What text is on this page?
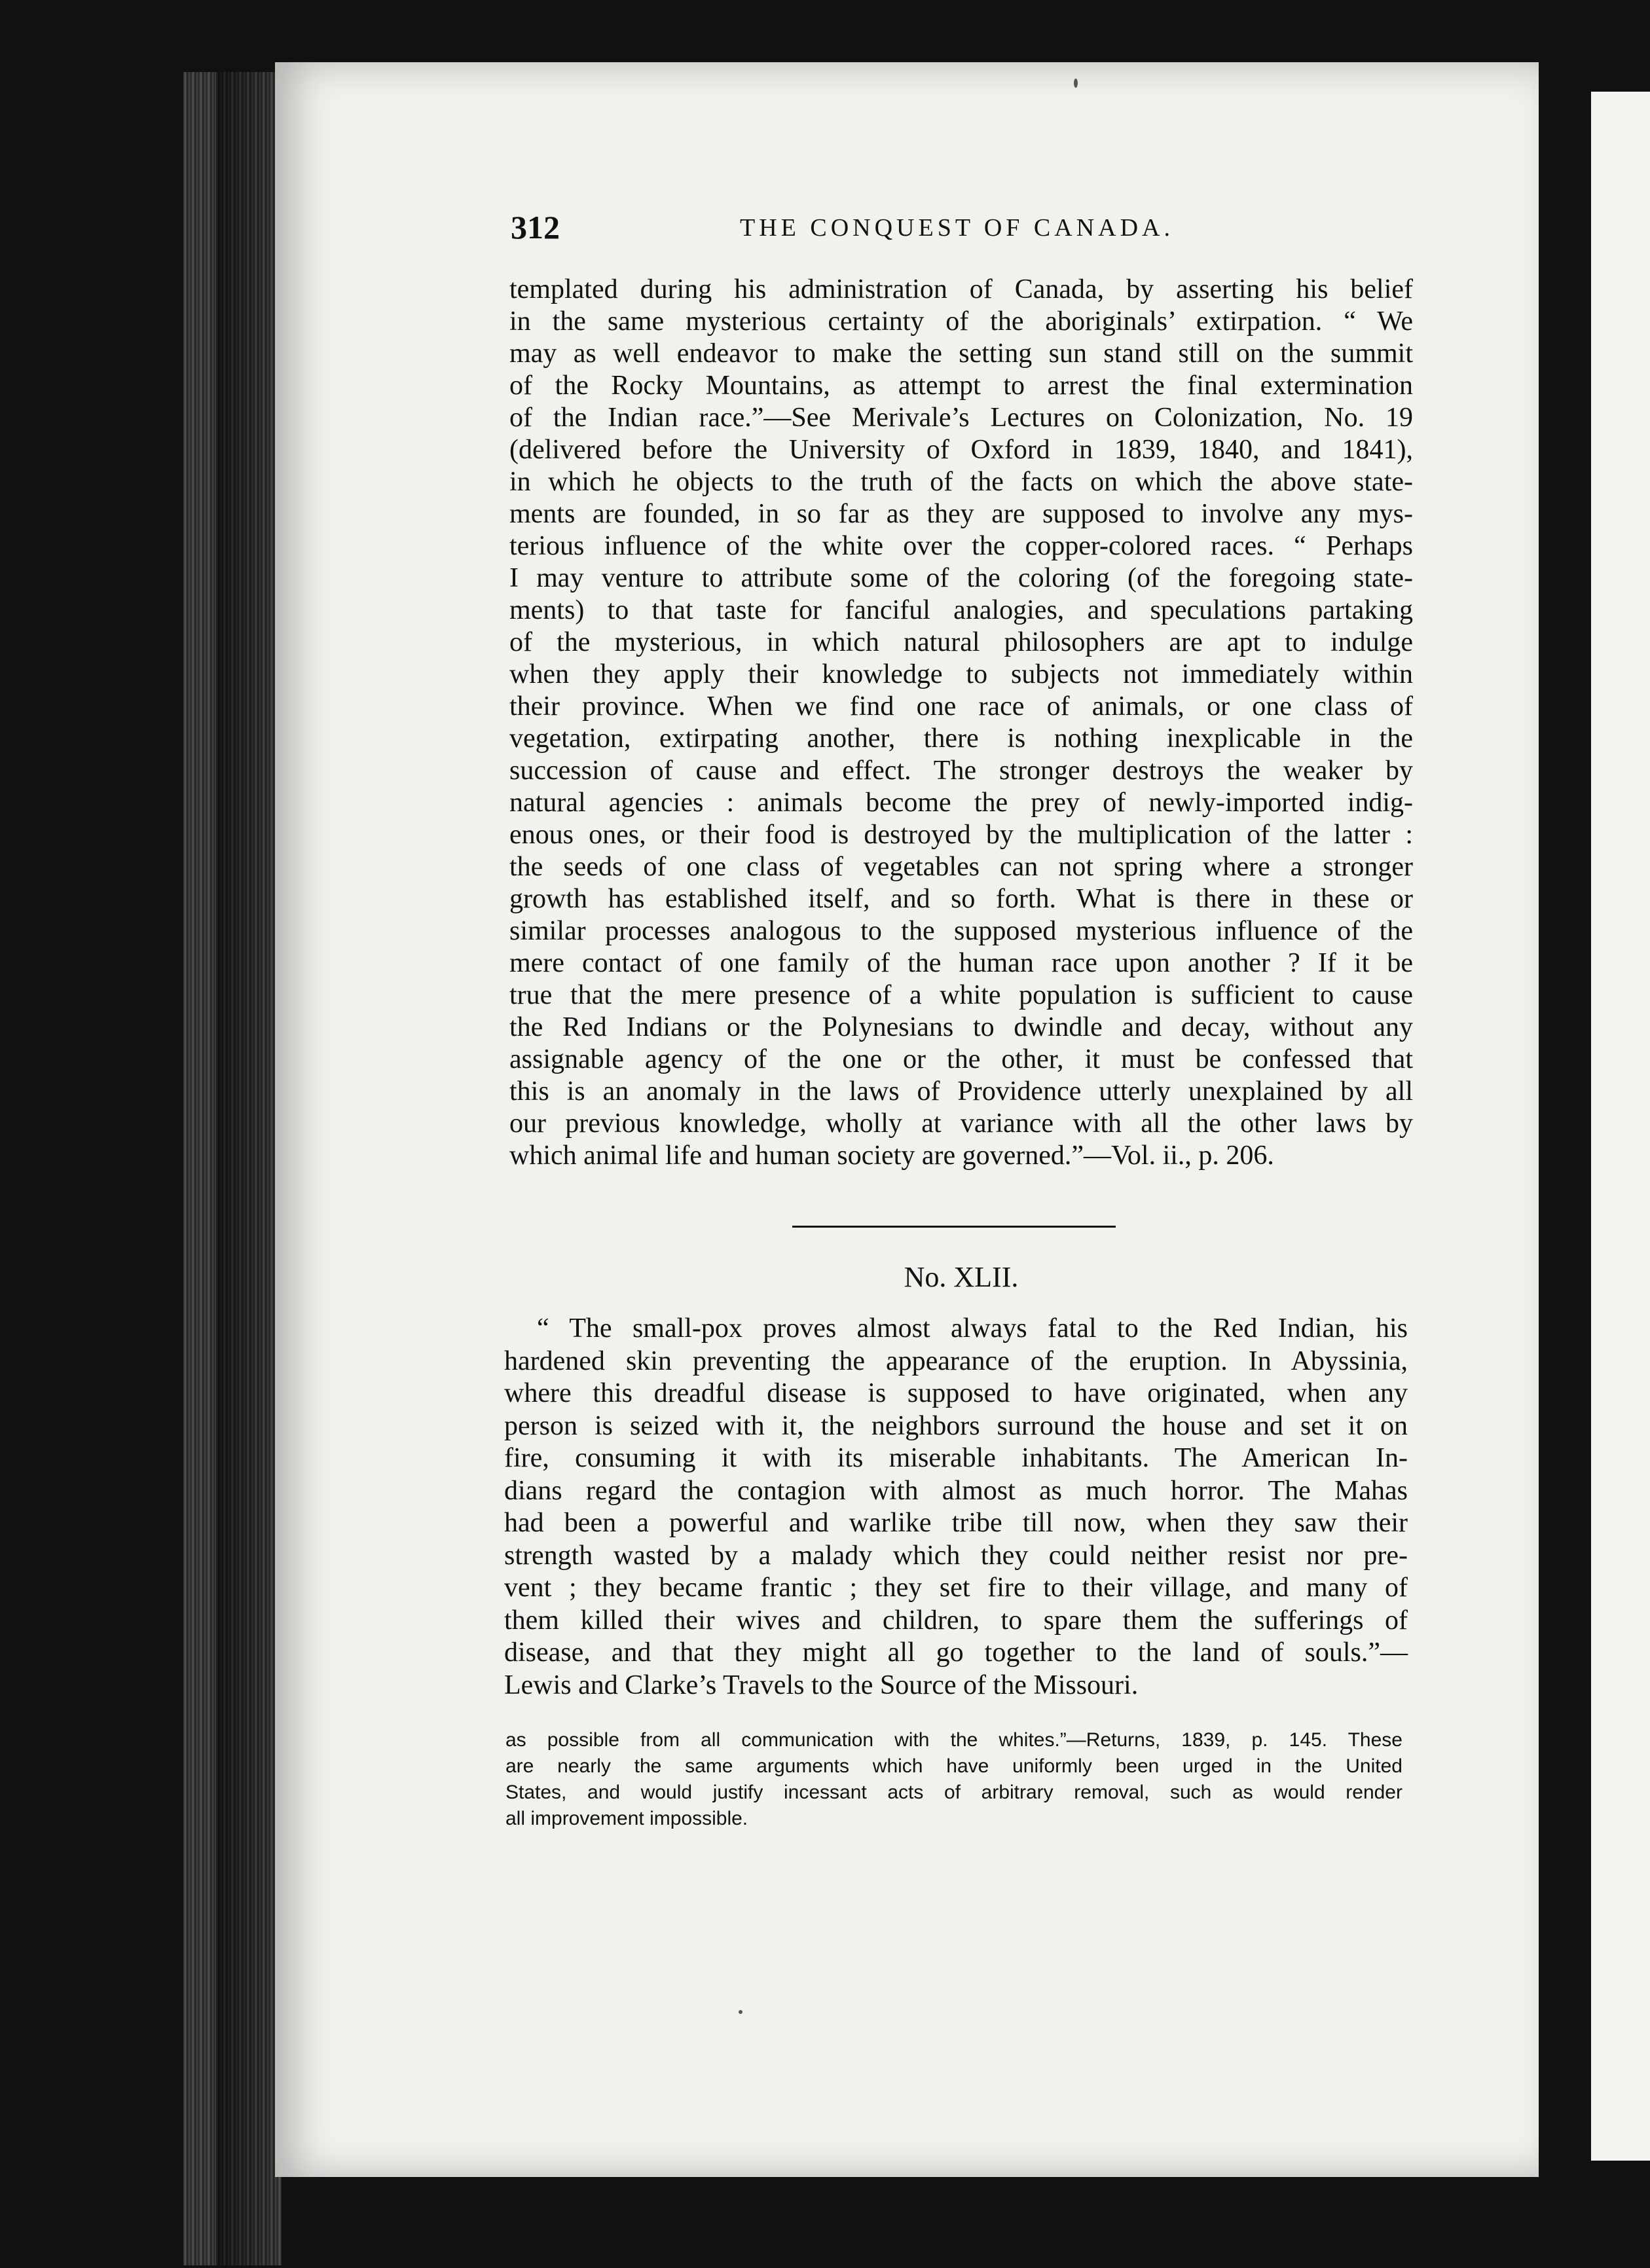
312	THE CONQUEST OF CANADA.
templated during his administration of Canada, by asserting his belief
in the same mysterious certainty of the aboriginals’ extirpation. “ We
may as well endeavor to make the setting sun stand still on the summit
of the Rocky Mountains, as attempt to arrest the final extermination
of the Indian race.”—See Merivale’s Lectures on Colonization, No. 19
(delivered before the University of Oxford in 1839, 1840, and 1841),
in which he objects to the truth of the facts on which the above state-
ments are founded, in so far as they are supposed to involve any mys-
terious influence of the white over the copper-colored races. “ Perhaps
I may venture to attribute some of the coloring (of the foregoing state-
ments) to that taste for fanciful analogies, and speculations partaking
of the mysterious, in which natural philosophers are apt to indulge
when they apply their knowledge to subjects not immediately within
their province. When we find one race of animals, or one class of
vegetation, extirpating another, there is nothing inexplicable in the
succession of cause and effect. The stronger destroys the weaker by
natural agencies : animals become the prey of newly-imported indig-
enous ones, or their food is destroyed by the multiplication of the latter :
the seeds of one class of vegetables can not spring where a stronger
growth has established itself, and so forth. What is there in these or
similar processes analogous to the supposed mysterious influence of the
mere contact of one family of the human race upon another ? If it be
true that the mere presence of a white population is sufficient to cause
the Red Indians or the Polynesians to dwindle and decay, without any
assignable agency of the one or the other, it must be confessed that
this is an anomaly in the laws of Providence utterly unexplained by all
our previous knowledge, wholly at variance with all the other laws by
which animal life and human society are governed.”—Vol. ii., p. 206.
No. XLII.
“ The small-pox proves almost always fatal to the Red Indian, his
hardened skin preventing the appearance of the eruption. In Abyssinia,
where this dreadful disease is supposed to have originated, when any
person is seized with it, the neighbors surround the house and set it on
fire, consuming it with its miserable inhabitants. The American In-
dians regard the contagion with almost as much horror. The Mahas
had been a powerful and warlike tribe till now, when they saw their
strength wasted by a malady which they could neither resist nor pre-
vent ; they became frantic ; they set fire to their village, and many of
them killed their wives and children, to spare them the sufferings of
disease, and that they might all go together to the land of souls.”—
Lewis and Clarke’s Travels to the Source of the Missouri.
as possible from all communication with the whites.”—Returns, 1839, p. 145. These
are nearly the same arguments which have uniformly been urged in the United
States, and would justify incessant acts of arbitrary removal, such as would render
all improvement impossible.
